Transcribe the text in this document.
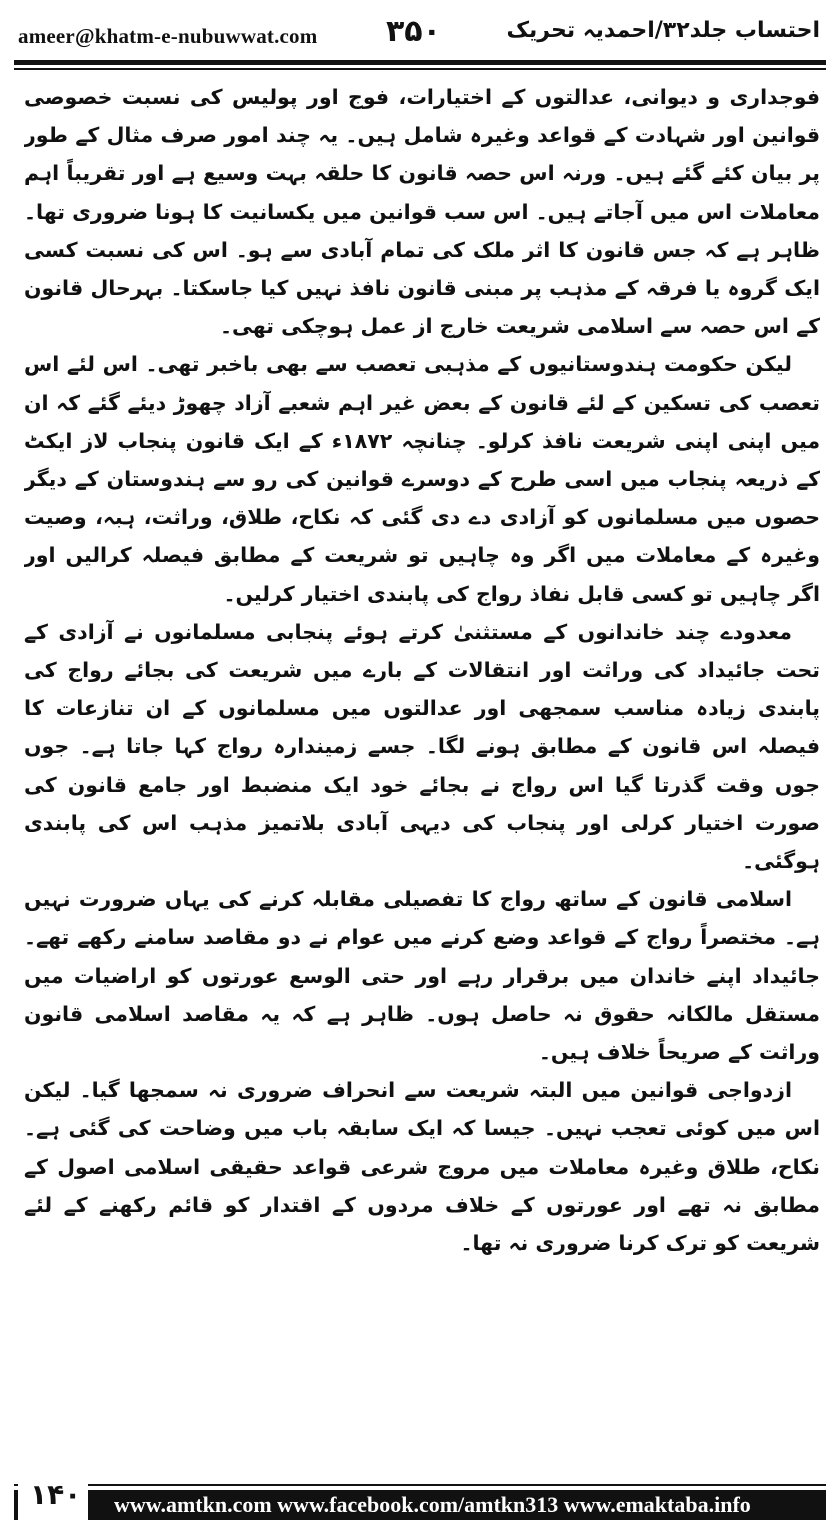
ameer@khatm-e-nubuwwat.com ۳۵۰	احتساب جلد۳۲/احمدیہ تحریک

فوجداری و دیوانی، عدالتوں کے اختیارات، فوج اور پولیس کی نسبت خصوصی قوانین اور شہادت کے قواعد وغیرہ شامل ہیں۔ یہ چند امور صرف مثال کے طور پر بیان کئے گئے ہیں۔ ورنہ اس حصہ قانون کا حلقہ بہت وسیع ہے اور تقریباً اہم معاملات اس میں آجاتے ہیں۔ اس سب قوانین میں یکسانیت کا ہونا ضروری تھا۔ ظاہر ہے کہ جس قانون کا اثر ملک کی تمام آبادی سے ہو۔ اس کی نسبت کسی ایک گروہ یا فرقہ کے مذہب پر مبنی قانون نافذ نہیں کیا جاسکتا۔ بہرحال قانون کے اس حصہ سے اسلامی شریعت خارج از عمل ہوچکی تھی۔

لیکن حکومت ہندوستانیوں کے مذہبی تعصب سے بھی باخبر تھی۔ اس لئے اس تعصب کی تسکین کے لئے قانون کے بعض غیر اہم شعبے آزاد چھوڑ دیئے گئے کہ ان میں اپنی اپنی شریعت نافذ کرلو۔ چنانچہ ۱۸۷۲ء کے ایک قانون پنجاب لاز ایکٹ کے ذریعہ پنجاب میں اسی طرح کے دوسرے قوانین کی رو سے ہندوستان کے دیگر حصوں میں مسلمانوں کو آزادی دے دی گئی کہ نکاح، طلاق، وراثت، ہبہ، وصیت وغیرہ کے معاملات میں اگر وہ چاہیں تو شریعت کے مطابق فیصلہ کرالیں اور اگر چاہیں تو کسی قابل نفاذ رواج کی پابندی اختیار کرلیں۔

معدودے چند خاندانوں کے مستثنیٰ کرتے ہوئے پنجابی مسلمانوں نے آزادی کے تحت جائیداد کی وراثت اور انتقالات کے بارے میں شریعت کی بجائے رواج کی پابندی زیادہ مناسب سمجھی اور عدالتوں میں مسلمانوں کے ان تنازعات کا فیصلہ اس قانون کے مطابق ہونے لگا۔ جسے زمیندارہ رواج کہا جاتا ہے۔ جوں جوں وقت گذرتا گیا اس رواج نے بجائے خود ایک منضبط اور جامع قانون کی صورت اختیار کرلی اور پنجاب کی دیہی آبادی بلاتمیز مذہب اس کی پابندی ہوگئی۔

اسلامی قانون کے ساتھ رواج کا تفصیلی مقابلہ کرنے کی یہاں ضرورت نہیں ہے۔ مختصراً رواج کے قواعد وضع کرنے میں عوام نے دو مقاصد سامنے رکھے تھے۔ جائیداد اپنے خاندان میں برقرار رہے اور حتی الوسع عورتوں کو اراضیات میں مستقل مالکانہ حقوق نہ حاصل ہوں۔ ظاہر ہے کہ یہ مقاصد اسلامی قانون وراثت کے صریحاً خلاف ہیں۔

ازدواجی قوانین میں البتہ شریعت سے انحراف ضروری نہ سمجھا گیا۔ لیکن اس میں کوئی تعجب نہیں۔ جیسا کہ ایک سابقہ باب میں وضاحت کی گئی ہے۔ نکاح، طلاق وغیرہ معاملات میں مروج شرعی قواعد حقیقی اسلامی اصول کے مطابق نہ تھے اور عورتوں کے خلاف مردوں کے اقتدار کو قائم رکھنے کے لئے شریعت کو ترک کرنا ضروری نہ تھا۔

۱۴۰ www.amtkn.com www.facebook.com/amtkn313 www.emaktaba.info
